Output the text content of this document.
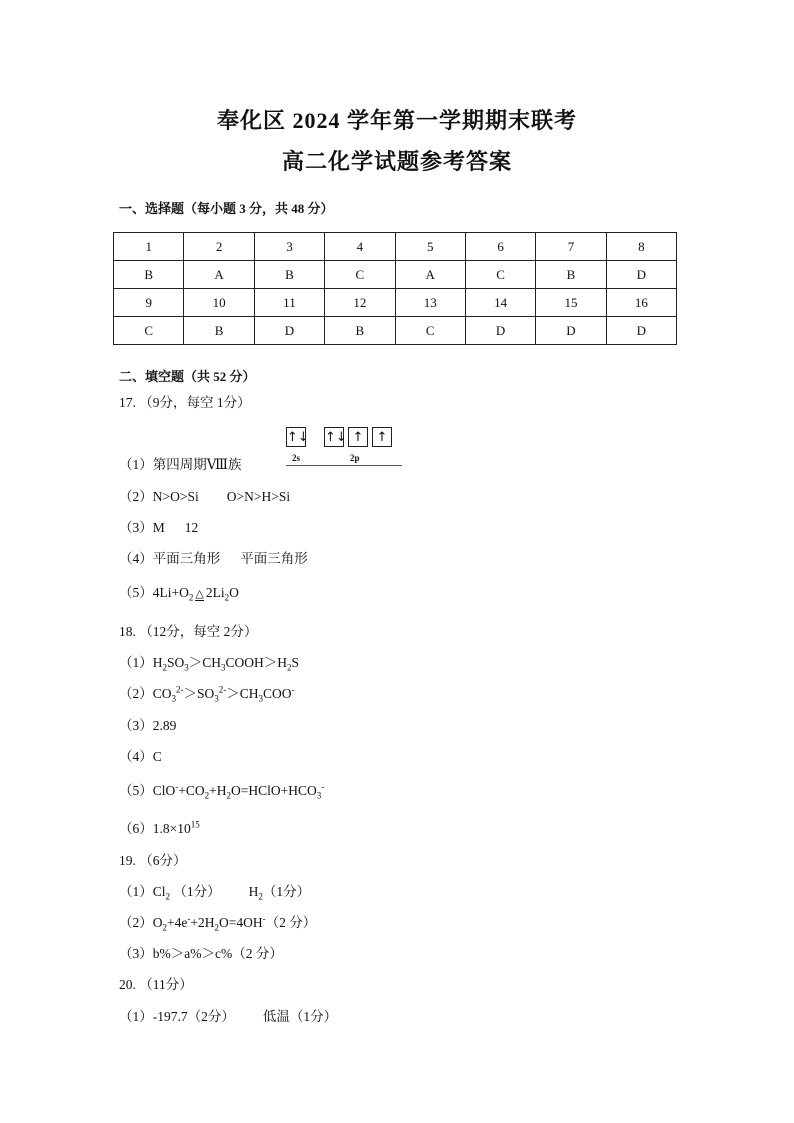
奉化区 2024 学年第一学期期末联考
高二化学试题参考答案
一、选择题（每小题 3 分，共 48 分）
1	2	3	4	5	6	7	8
B	A	B	C	A	C	B	D
9	10	11	12	13	14	15	16
C	B	D	B	C	D	D	D
二、填空题（共 52 分）
17. （9分，每空 1分）
↑↓ ↑↓ ↑	↑
2s	2p
（1）第四周期Ⅷ族
（2）N>O>Si O>N>H>Si
（3）M 12
（4）平面三角形 平面三角形
$(5)4Li+O_2$ △ $2Li_2O$
18. （12分，每空 2分）
$(1)H_2SO_3>CH_3COOH>H_2S$
$(2)CO_3^{2-}>SO_3^{2-}>CH_3COO^-$
（3）2.89
（4）C
$(5)ClO^-+CO_2+H_2O=HClO+HCO_3^-$
$(6)1.8\times 10^{15}$
19. （6分）
$(1)Cl_2$ （1分） $H_2(1$分）
$(2)O_2+4e^-+2H_2O=4OH^-(2$ 分）
（3）b%＞a%＞c%（2 分）
20. （11分）
（1）-197.7（2分） 低温（1分）
